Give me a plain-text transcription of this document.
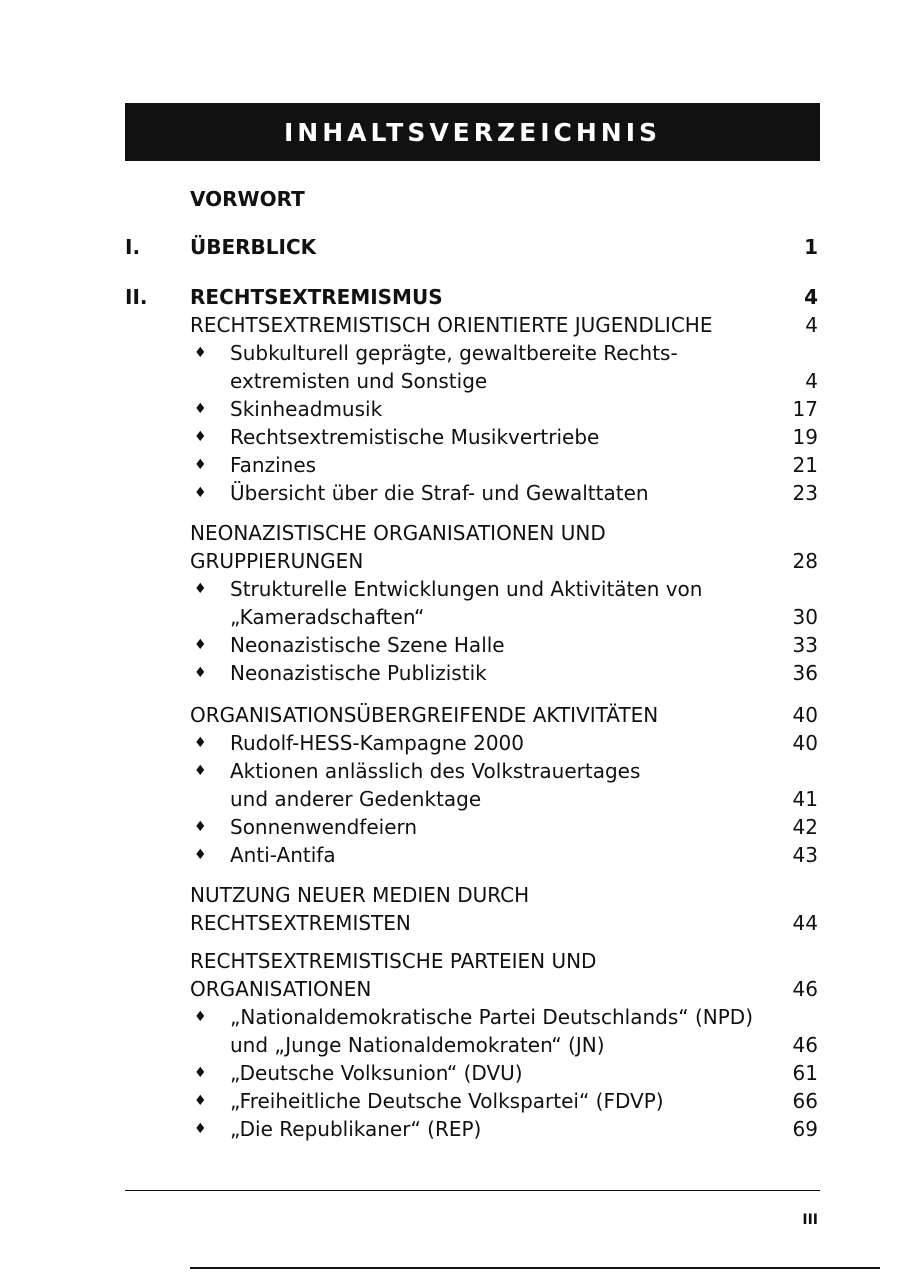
INHALTSVERZEICHNIS
VORWORT
I. ÜBERBLICK	1
II. RECHTSEXTREMISMUS	4
RECHTSEXTREMISTISCH ORIENTIERTE JUGENDLICHE	4
♦ Subkulturell geprägte, gewaltbereite Rechts-
extremisten und Sonstige	4
♦ Skinheadmusik	17
♦ Rechtsextremistische Musikvertriebe	19
♦ Fanzines	21
♦ Übersicht über die Straf- und Gewalttaten	23
NEONAZISTISCHE ORGANISATIONEN UND
GRUPPIERUNGEN	28
♦ Strukturelle Entwicklungen und Aktivitäten von
„Kameradschaften“	30
♦ Neonazistische Szene Halle	33
♦ Neonazistische Publizistik	36
ORGANISATIONSÜBERGREIFENDE AKTIVITÄTEN	40
♦ Rudolf-HESS-Kampagne 2000	40
♦ Aktionen anlässlich des Volkstrauertages
und anderer Gedenktage	41
♦ Sonnenwendfeiern	42
♦ Anti-Antifa	43
NUTZUNG NEUER MEDIEN DURCH
RECHTSEXTREMISTEN	44
RECHTSEXTREMISTISCHE PARTEIEN UND
ORGANISATIONEN	46
♦ „Nationaldemokratische Partei Deutschlands“ (NPD)
und „Junge Nationaldemokraten“ (JN)	46
♦ „Deutsche Volksunion“ (DVU)	61
♦ „Freiheitliche Deutsche Volkspartei“ (FDVP)	66
♦ „Die Republikaner“ (REP)	69
III
